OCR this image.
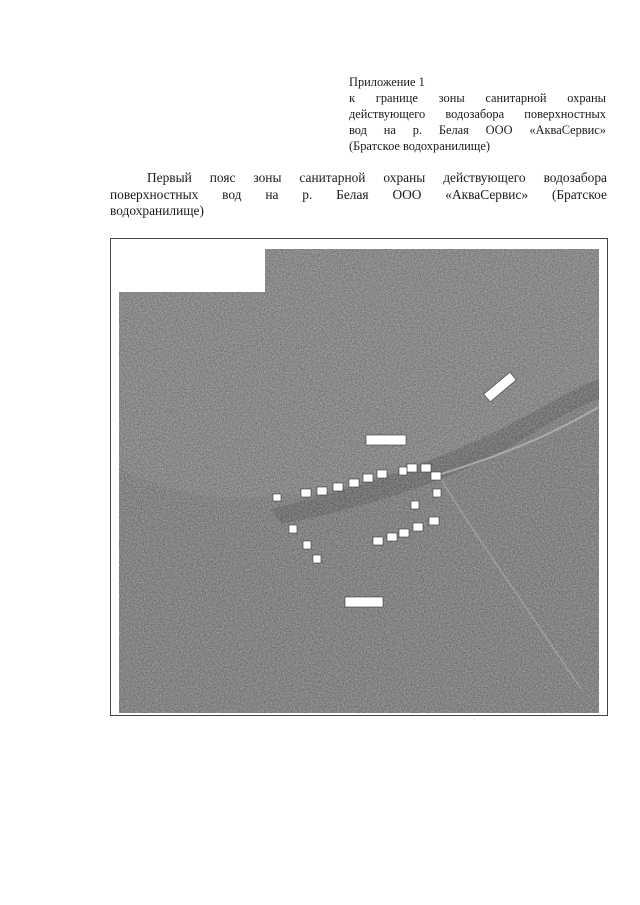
Приложение 1
к границе зоны санитарной охраны
действующего водозабора поверхностных
вод на р. Белая ООО «АкваСервис»
(Братское водохранилище)
Первый пояс зоны санитарной охраны действующего водозабора
поверхностных вод на р. Белая ООО «АкваСервис» (Братское
водохранилище)
